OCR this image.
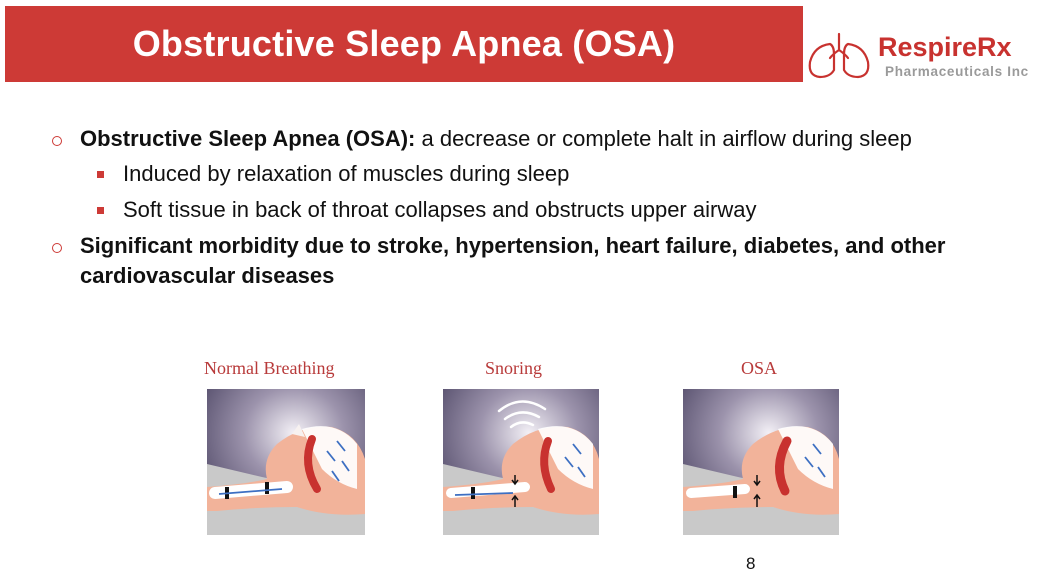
Obstructive Sleep Apnea (OSA)	RespireRx
Pharmaceuticals Inc
Obstructive Sleep Apnea (OSA): a decrease or complete halt in airflow during sleep
Induced by relaxation of muscles during sleep
Soft tissue in back of throat collapses and obstructs upper airway
Significant morbidity due to stroke, hypertension, heart failure, diabetes, and other cardiovascular diseases
Normal Breathing	Snoring	OSA
8
